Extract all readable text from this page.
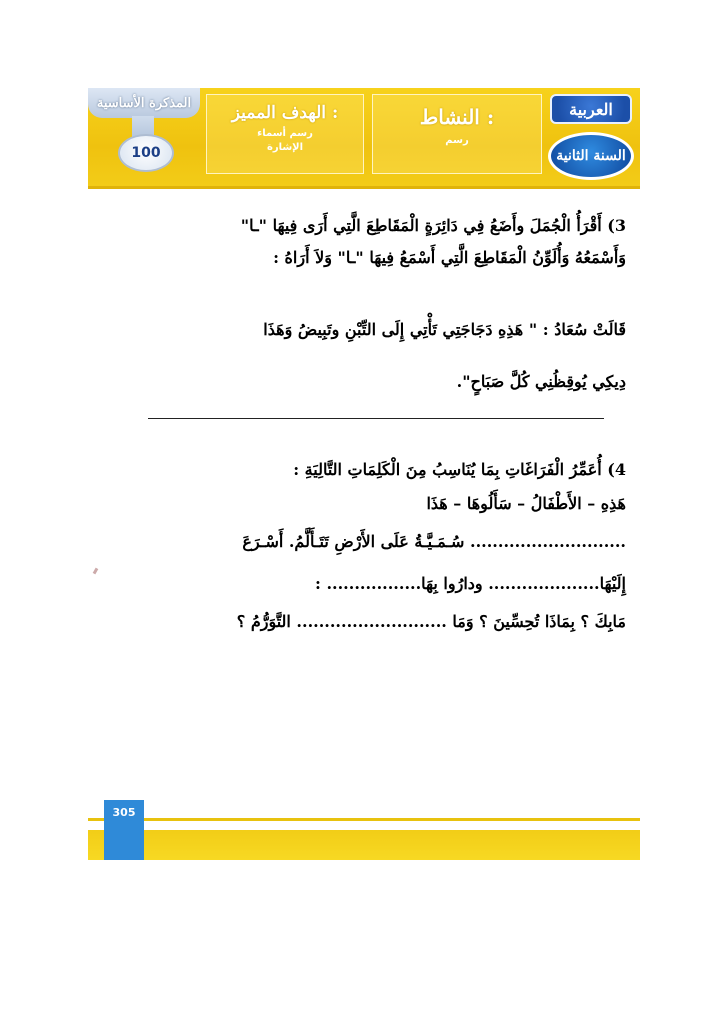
المذكرة الأساسية
100
الهدف المميز :
رسم أسماء
الإشارة
النشاط :
رسم
العربية
السنة الثانية
3) أَقْرَأُ الْجُمَلَ وأَضَعُ فِي دَائِرَةٍ الْمَقَاطِعَ الَّتِي أَرَى فِيهَا "ـا"
وَأَسْمَعُهُ وَأُلَوِّنُ الْمَقَاطِعَ الَّتِي أَسْمَعُ فِيهَا "ـا" وَلاَ أَرَاهُ :
قَالَتْ سُعَادُ : " هَذِهِ دَجَاجَتِي تَأْتِي إِلَى التِّبْنِ وتَبِيضُ وَهَذَا
دِيكِي يُوقِظُنِي كُلَّ صَبَاحٍ".
4) أُعَمِّرُ الْفَرَاغَاتِ بِمَا يُنَاسِبُ مِنَ الْكَلِمَاتِ التَّالِيَةِ :
هَذِهِ – الأَطْفَالُ – سَأَلُوهَا – هَذَا
............................ سُـمَـيَّـةُ عَلَى الأَرْضِ تَتَـأَلَّمُ. أَسْـرَعَ
إِلَيْهَا.................... ودارُوا بِهَا................. :
مَابِكَ ؟ بِمَاذَا تُحِسِّينَ ؟ وَمَا ........................... التَّوَرُّمُ ؟
305
